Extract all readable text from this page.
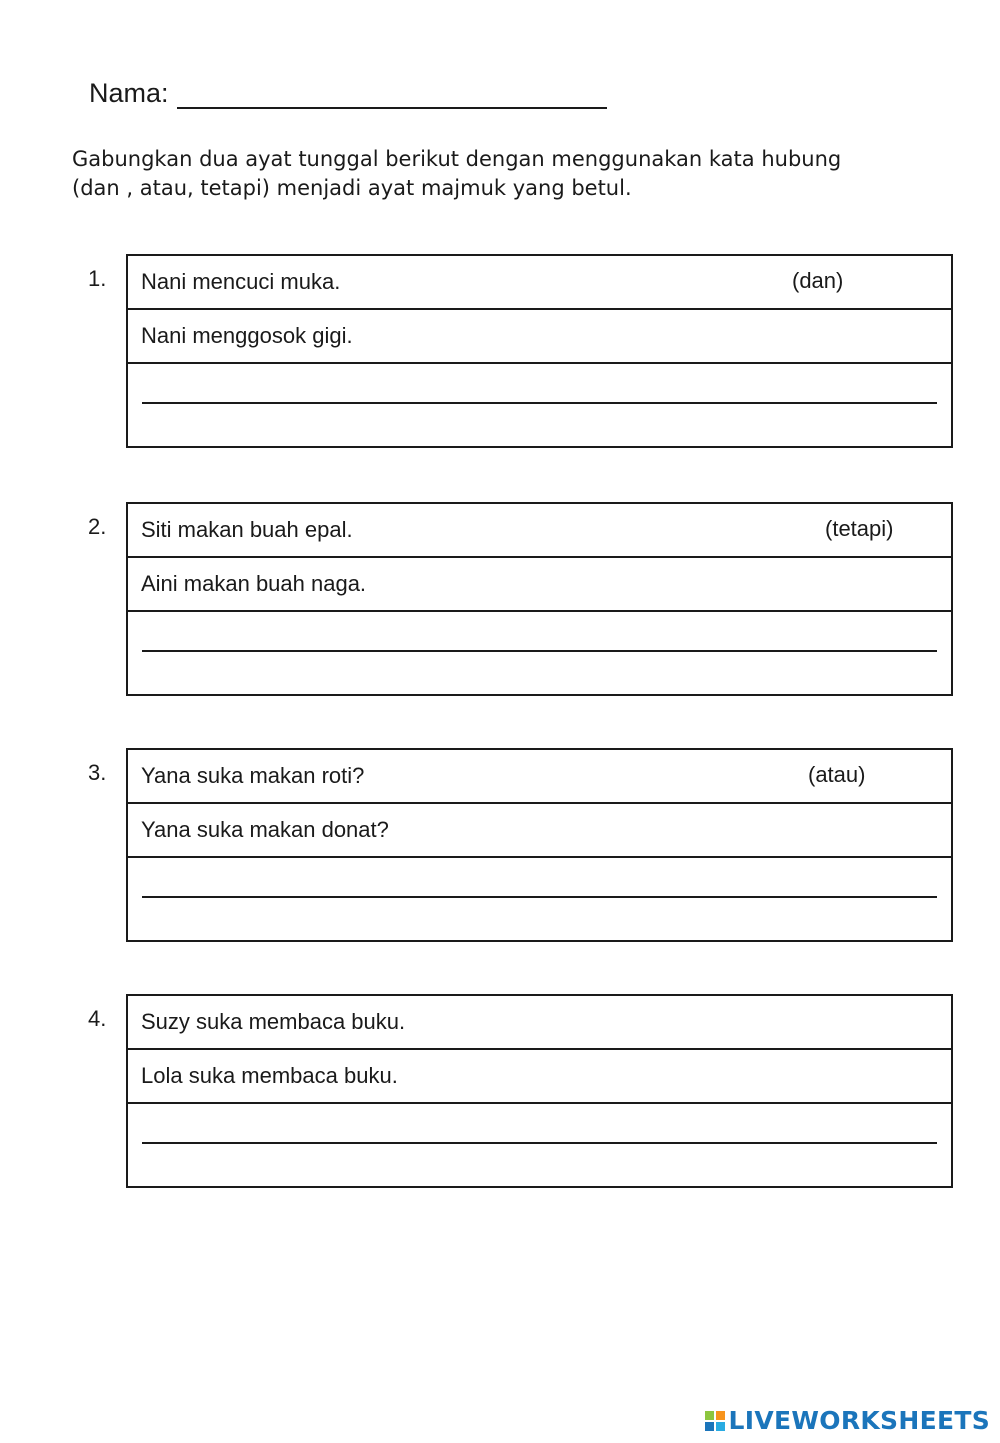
Nama:
Gabungkan dua ayat tunggal berikut dengan menggunakan kata hubung
(dan , atau, tetapi) menjadi ayat majmuk yang betul.
1. Nani mencuci muka.	(dan)
Nani menggosok gigi.
2. Siti makan buah epal.	(tetapi)
Aini makan buah naga.
3. Yana suka makan roti?	(atau)
Yana suka makan donat?
4. Suzy suka membaca buku.
Lola suka membaca buku.
LIVEWORKSHEETS
